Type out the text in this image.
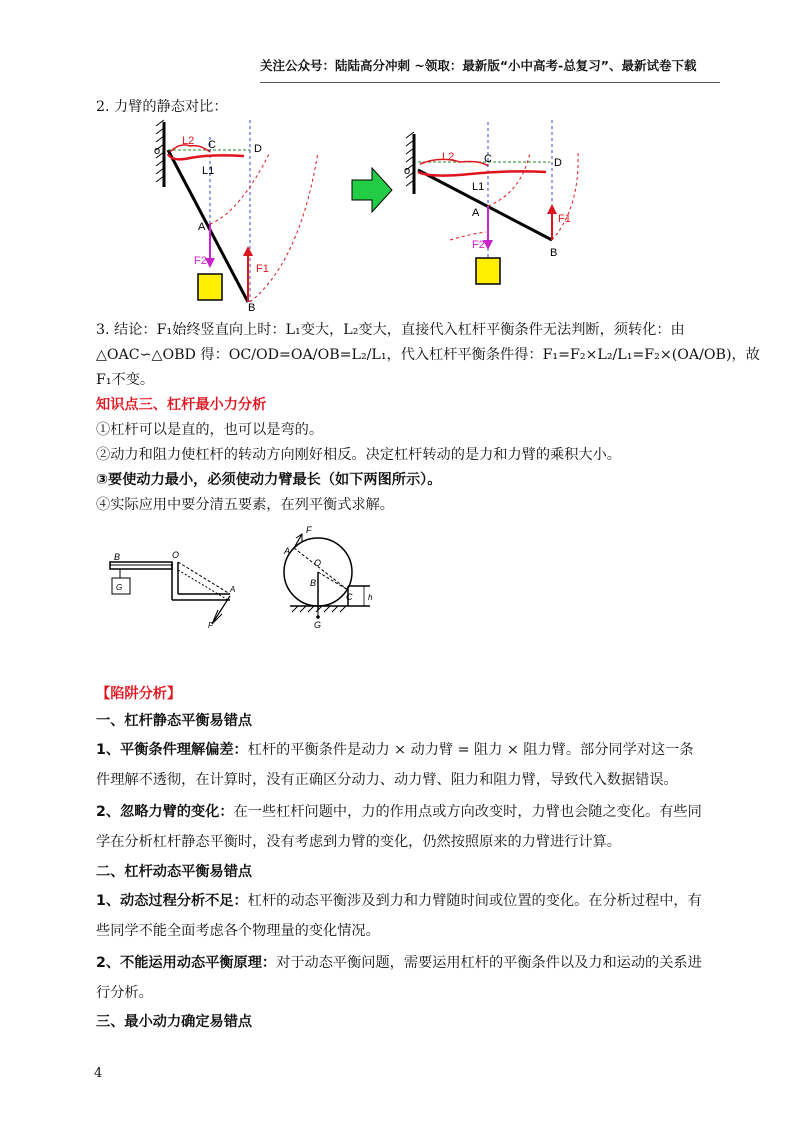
关注公众号：陆陆高分冲刺 ~领取：最新版“小中高考-总复习”、最新试卷下载
2. 力臂的静态对比：
o	C	D
A
B
L2
L1
F1
F2
o
C	D
A
B
L2
L1
F1
F2
3. 结论：F₁始终竖直向上时：L₁变大，L₂变大，直接代入杠杆平衡条件无法判断，须转化：由
△OAC∽△OBD 得：OC/OD=OA/OB=L₂/L₁，代入杠杆平衡条件得：F₁=F₂×L₂/L₁=F₂×(OA/OB)，故
F₁不变。
知识点三、杠杆最小力分析
①杠杆可以是直的，也可以是弯的。
②动力和阻力使杠杆的转动方向刚好相反。决定杠杆转动的是力和力臂的乘积大小。
③要使动力最小，必须使动力臂最长（如下两图所示）。
④实际应用中要分清五要素，在列平衡式求解。
B	O
A
G
F
F
A
O
B
C h
G
【陷阱分析】
一、杠杆静态平衡易错点
1、平衡条件理解偏差：杠杆的平衡条件是动力 × 动力臂 = 阻力 × 阻力臂。部分同学对这一条
件理解不透彻，在计算时，没有正确区分动力、动力臂、阻力和阻力臂，导致代入数据错误。
2、忽略力臂的变化：在一些杠杆问题中，力的作用点或方向改变时，力臂也会随之变化。有些同
学在分析杠杆静态平衡时，没有考虑到力臂的变化，仍然按照原来的力臂进行计算。
二、杠杆动态平衡易错点
1、动态过程分析不足：杠杆的动态平衡涉及到力和力臂随时间或位置的变化。在分析过程中，有
些同学不能全面考虑各个物理量的变化情况。
2、不能运用动态平衡原理：对于动态平衡问题，需要运用杠杆的平衡条件以及力和运动的关系进
行分析。
三、最小动力确定易错点
4
